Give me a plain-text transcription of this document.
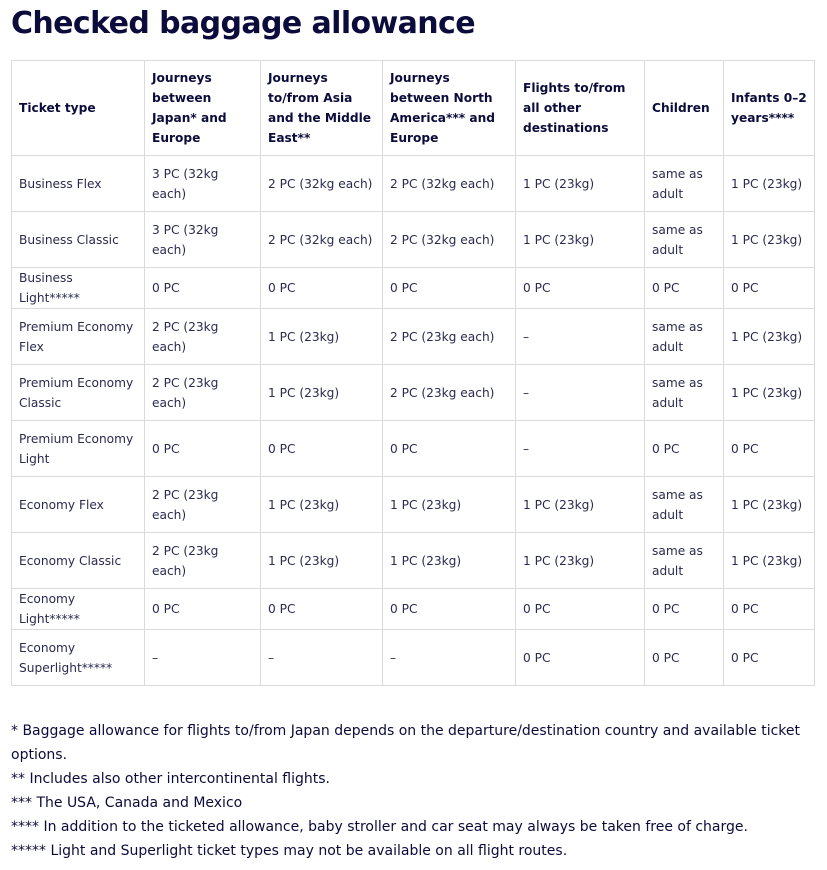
Checked baggage allowance
Ticket type	Journeys between Japan* and Europe	Journeys to/from Asia and the Middle East**	Journeys between North America*** and Europe	Flights to/from all other destinations	Children	Infants 0–2 years****
Business Flex	3 PC (32kg each)	2 PC (32kg each)	2 PC (32kg each)	1 PC (23kg)	same as adult	1 PC (23kg)
Business Classic	3 PC (32kg each)	2 PC (32kg each)	2 PC (32kg each)	1 PC (23kg)	same as adult	1 PC (23kg)
Business Light*****	0 PC	0 PC	0 PC	0 PC	0 PC	0 PC
Premium Economy Flex	2 PC (23kg each)	1 PC (23kg)	2 PC (23kg each)	–	same as adult	1 PC (23kg)
Premium Economy Classic	2 PC (23kg each)	1 PC (23kg)	2 PC (23kg each)	–	same as adult	1 PC (23kg)
Premium Economy Light	0 PC	0 PC	0 PC	–	0 PC	0 PC
Economy Flex	2 PC (23kg each)	1 PC (23kg)	1 PC (23kg)	1 PC (23kg)	same as adult	1 PC (23kg)
Economy Classic	2 PC (23kg each)	1 PC (23kg)	1 PC (23kg)	1 PC (23kg)	same as adult	1 PC (23kg)
Economy Light*****	0 PC	0 PC	0 PC	0 PC	0 PC	0 PC
Economy Superlight*****	–	–	–	0 PC	0 PC	0 PC

* Baggage allowance for flights to/from Japan depends on the departure/destination country and available ticket options.

** Includes also other intercontinental flights.

*** The USA, Canada and Mexico

**** In addition to the ticketed allowance, baby stroller and car seat may always be taken free of charge.

***** Light and Superlight ticket types may not be available on all flight routes.
